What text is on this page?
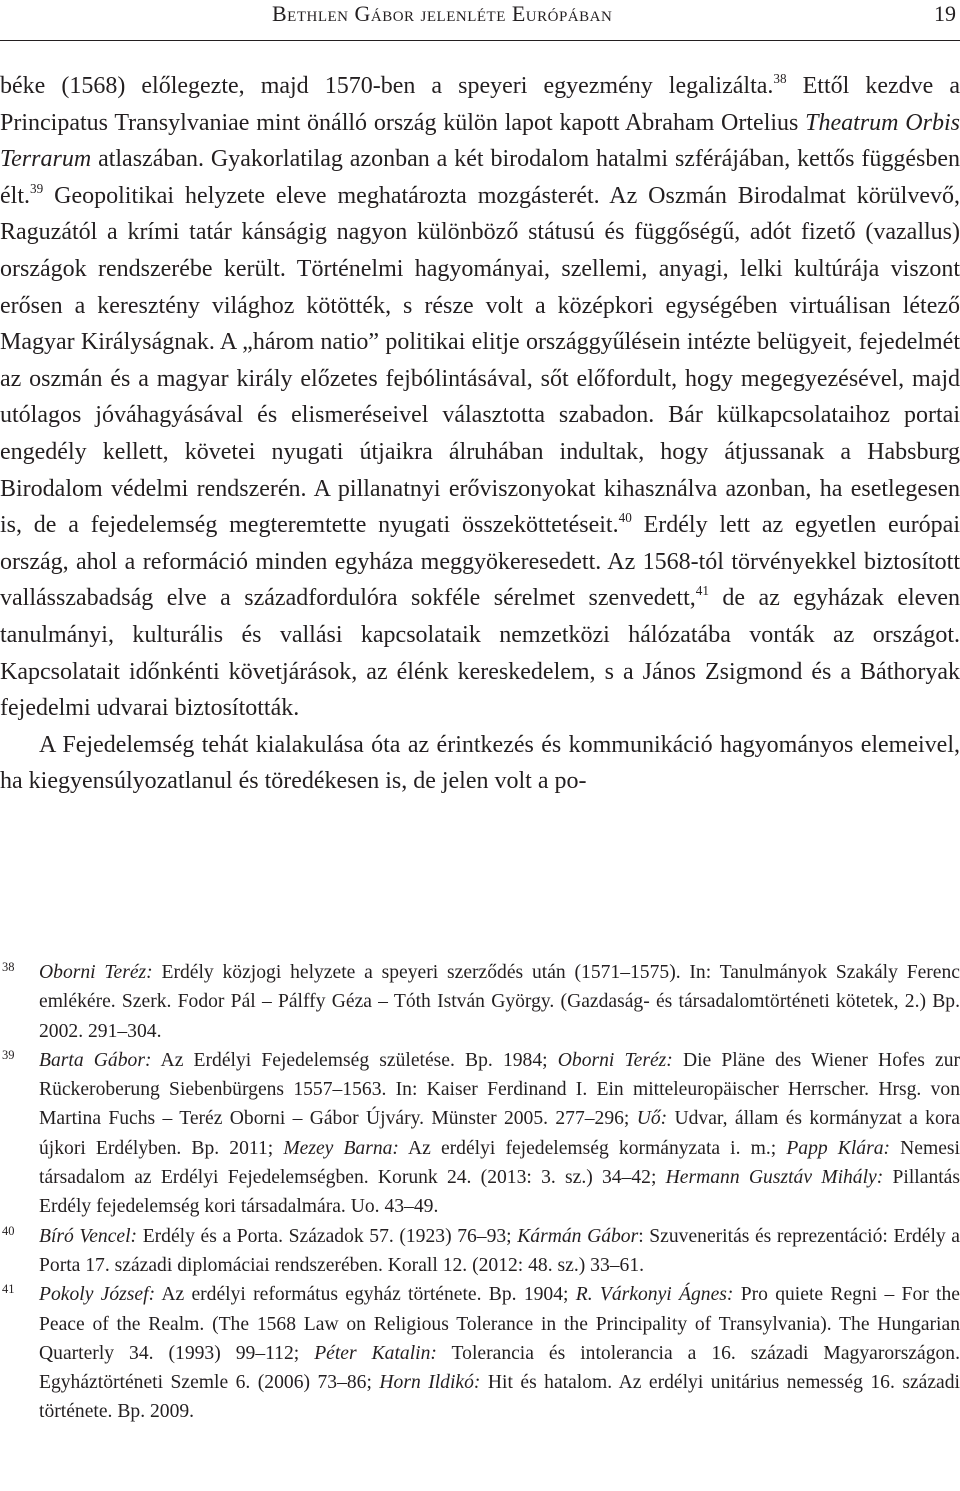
Bethlen Gábor jelenléte Európában	19

béke (1568) előlegezte, majd 1570-ben a speyeri egyezmény legalizálta.$^{38}$ Ettől kezdve a Principatus Transylvaniae mint önálló ország külön lapot kapott Abraham Ortelius Theatrum Orbis Terrarum atlaszában. Gyakorlatilag azonban a két birodalom hatalmi szférájában, kettős függésben élt.$^{39}$ Geopolitikai helyzete eleve meghatározta mozgásterét. Az Oszmán Birodalmat körülvevő, Raguzától a krími tatár kánságig nagyon különböző státusú és függőségű, adót fizető (vazallus) országok rendszerébe került. Történelmi hagyományai, szellemi, anyagi, lelki kultúrája viszont erősen a keresztény világhoz kötötték, s része volt a középkori egységében virtuálisan létező Magyar Királyságnak. A „három natio” politikai elitje országgyűlésein intézte belügyeit, fejedelmét az oszmán és a magyar király előzetes fejbólintásával, sőt előfordult, hogy megegyezésével, majd utólagos jóváhagyásával és elismeréseivel választotta szabadon. Bár külkapcsolataihoz portai engedély kellett, követei nyugati útjaikra álruhában indultak, hogy átjussanak a Habsburg Birodalom védelmi rendszerén. A pillanatnyi erőviszonyokat kihasználva azonban, ha esetlegesen is, de a fejedelemség megteremtette nyugati összeköttetéseit.$^{40}$ Erdély lett az egyetlen európai ország, ahol a reformáció minden egyháza meggyökeresedett. Az 1568-tól törvényekkel biztosított vallásszabadság elve a századfordulóra sokféle sérelmet szenvedett,$^{41}$ de az egyházak eleven tanulmányi, kulturális és vallási kapcsolataik nemzetközi hálózatába vonták az országot. Kapcsolatait időnkénti követjárások, az élénk kereskedelem, s a János Zsigmond és a Báthoryak fejedelmi udvarai biztosították.

A Fejedelemség tehát kialakulása óta az érintkezés és kommunikáció hagyományos elemeivel, ha kiegyensúlyozatlanul és töredékesen is, de jelen volt a po-

38 Oborni Teréz: Erdély közjogi helyzete a speyeri szerződés után (1571–1575). In: Tanulmányok Szakály Ferenc emlékére. Szerk. Fodor Pál – Pálffy Géza – Tóth István György. (Gazdaság- és társadalomtörténeti kötetek, 2.) Bp. 2002. 291–304.
39 Barta Gábor: Az Erdélyi Fejedelemség születése. Bp. 1984; Oborni Teréz: Die Pläne des Wiener Hofes zur Rückeroberung Siebenbürgens 1557–1563. In: Kaiser Ferdinand I. Ein mitteleuropäischer Herrscher. Hrsg. von Martina Fuchs – Teréz Oborni – Gábor Újváry. Münster 2005. 277–296; Uő: Udvar, állam és kormányzat a kora újkori Erdélyben. Bp. 2011; Mezey Barna: Az erdélyi fejedelemség kormányzata i. m.; Papp Klára: Nemesi társadalom az Erdélyi Fejedelemségben. Korunk 24. (2013: 3. sz.) 34–42; Hermann Gusztáv Mihály: Pillantás Erdély fejedelemség kori társadalmára. Uo. 43–49.
40 Bíró Vencel: Erdély és a Porta. Századok 57. (1923) 76–93; Kármán Gábor: Szuveneritás és reprezentáció: Erdély a Porta 17. századi diplomáciai rendszerében. Korall 12. (2012: 48. sz.) 33–61.
41 Pokoly József: Az erdélyi református egyház története. Bp. 1904; R. Várkonyi Ágnes: Pro quiete Regni – For the Peace of the Realm. (The 1568 Law on Religious Tolerance in the Principality of Transylvania). The Hungarian Quarterly 34. (1993) 99–112; Péter Katalin: Tolerancia és intolerancia a 16. századi Magyarországon. Egyháztörténeti Szemle 6. (2006) 73–86; Horn Ildikó: Hit és hatalom. Az erdélyi unitárius nemesség 16. századi története. Bp. 2009.
